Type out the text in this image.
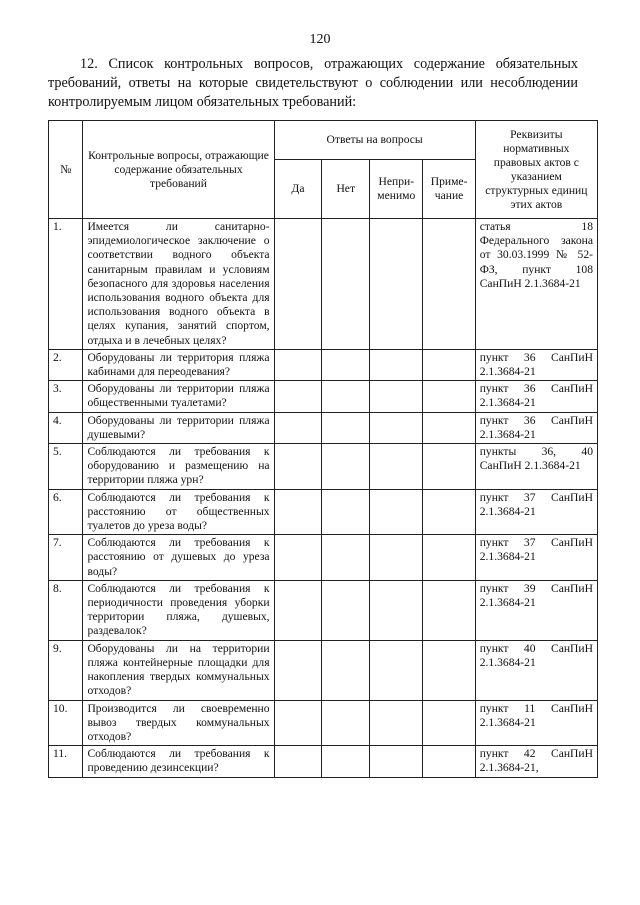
120
12. Список контрольных вопросов, отражающих содержание обязательных требований, ответы на которые свидетельствуют о соблюдении или несоблюдении контролируемым лицом обязательных требований:
№	Контрольные вопросы, отражающие содержание обязательных требований	Ответы на вопросы				Реквизиты нормативных правовых актов с указанием структурных единиц этих актов
		Да	Нет	Непри-менимо	Приме-чание	
1.	Имеется ли санитарно-эпидемиологическое заключение о соответствии водного объекта санитарным правилам и условиям безопасного для здоровья населения использования водного объекта для использования водного объекта в целях купания, занятий спортом, отдыха и в лечебных целях?					статья 18 Федерального закона от 30.03.1999 № 52-ФЗ, пункт 108 СанПиН 2.1.3684-21
2.	Оборудованы ли территория пляжа кабинами для переодевания?					пункт 36 СанПиН 2.1.3684-21
3.	Оборудованы ли территории пляжа общественными туалетами?					пункт 36 СанПиН 2.1.3684-21
4.	Оборудованы ли территории пляжа душевыми?					пункт 36 СанПиН 2.1.3684-21
5.	Соблюдаются ли требования к оборудованию и размещению на территории пляжа урн?					пункты 36, 40 СанПиН 2.1.3684-21
6.	Соблюдаются ли требования к расстоянию от общественных туалетов до уреза воды?					пункт 37 СанПиН 2.1.3684-21
7.	Соблюдаются ли требования к расстоянию от душевых до уреза воды?					пункт 37 СанПиН 2.1.3684-21
8.	Соблюдаются ли требования к периодичности проведения уборки территории пляжа, душевых, раздевалок?					пункт 39 СанПиН 2.1.3684-21
9.	Оборудованы ли на территории пляжа контейнерные площадки для накопления твердых коммунальных отходов?					пункт 40 СанПиН 2.1.3684-21
10.	Производится ли своевременно вывоз твердых коммунальных отходов?					пункт 11 СанПиН 2.1.3684-21
11.	Соблюдаются ли требования к проведению дезинсекции?					пункт 42 СанПиН 2.1.3684-21,
